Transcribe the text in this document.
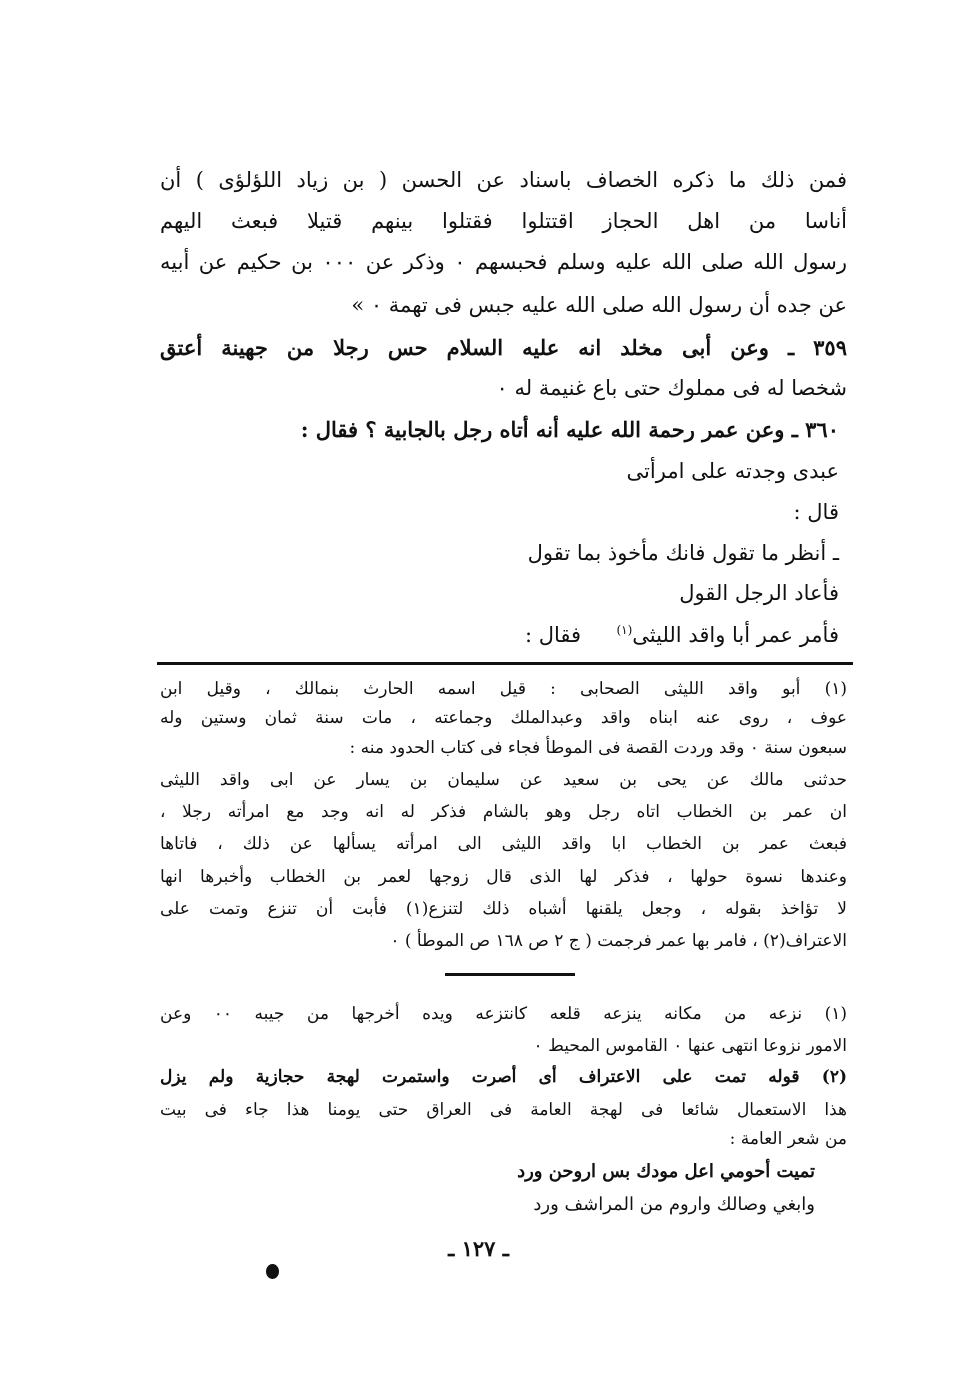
فمن ذلك ما ذكره الخصاف باسناد عن الحسن ( بن زياد اللؤلؤى ) أن
أناسا من اهل الحجاز اقتتلوا فقتلوا بينهم قتيلا فبعث اليهم
رسول الله صلى الله عليه وسلم فحبسهم ٠ وذكر عن ٠٠٠ بن حكيم عن أبيه
عن جده أن رسول الله صلى الله عليه جبس فى تهمة ٠ »
٣٥٩ ـ وعن أبى مخلد انه عليه السلام حس رجلا من جهينة أعتق
شخصا له فى مملوك حتى باع غنيمة له ٠
٣٦٠ ـ وعن عمر رحمة الله عليه أنه أتاه رجل بالجابية ؟ فقال :
عبدى وجدته على امرأتى
قال :
ـ أنظر ما تقول فانك مأخوذ بما تقول
فأعاد الرجل القول
فأمر عمر أبا واقد الليثى$^{(١)}$  فقال :
(١) أبو واقد الليثى الصحابى : قيل اسمه الحارث بنمالك ، وقيل ابن
عوف ، روى عنه ابناه واقد وعبدالملك وجماعته ، مات سنة ثمان وستين وله
سبعون سنة ٠ وقد وردت القصة فى الموطأ فجاء فى كتاب الحدود منه :
حدثنى مالك عن يحى بن سعيد عن سليمان بن يسار عن ابى واقد الليثى
ان عمر بن الخطاب اتاه رجل وهو بالشام فذكر له انه وجد مع امرأته رجلا ،
فبعث عمر بن الخطاب ابا واقد الليثى الى امرأته يسألها عن ذلك ، فاتاها
وعندها نسوة حولها ، فذكر لها الذى قال زوجها لعمر بن الخطاب وأخبرها انها
لا تؤاخذ بقوله ، وجعل يلقنها أشباه ذلك لتنزع(١) فأبت أن تنزع وتمت على
الاعتراف(٢) ، فامر بها عمر فرجمت ( ج ٢ ص ١٦٨ ص الموطأ ) ٠
(١) نزعه من مكانه ينزعه قلعه كانتزعه ويده أخرجها من جيبه ٠٠ وعن
الامور نزوعا انتهى عنها ٠ القاموس المحيط ٠
(٢) قوله تمت على الاعتراف أى أصرت واستمرت لهجة حجازية ولم يزل
هذا الاستعمال شائعا فى لهجة العامة فى العراق حتى يومنا هذا جاء فى بيت
من شعر العامة :
تميت أحومي اعل مودك بس اروحن ورد
وابغي وصالك واروم من المراشف ورد
ـ ١٢٧ ـ
